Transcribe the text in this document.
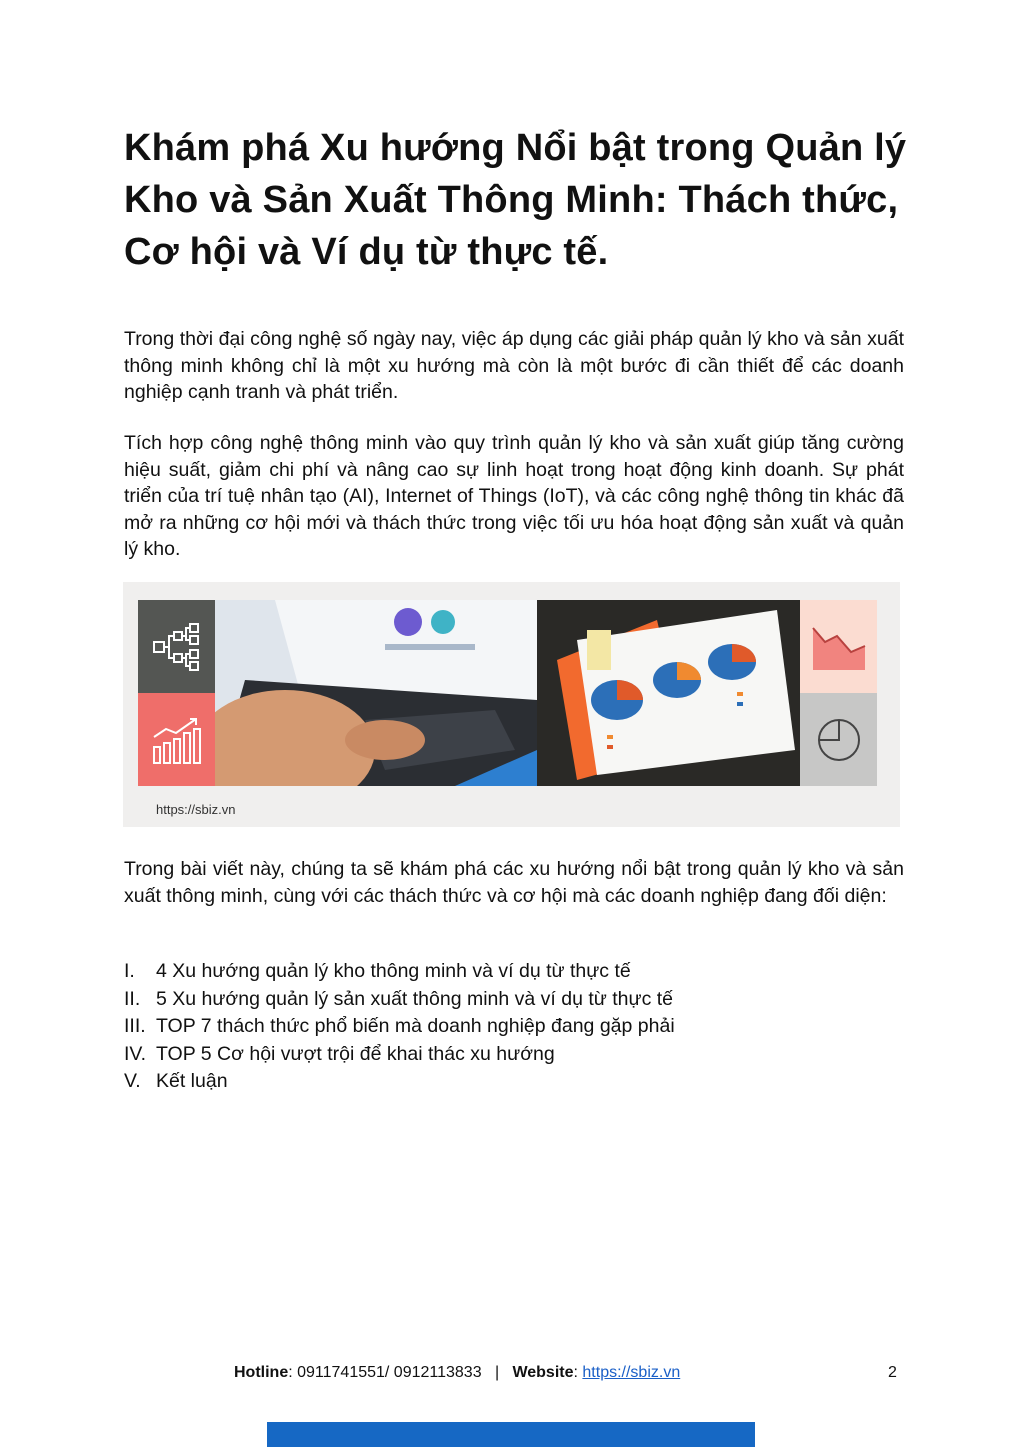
Khám phá Xu hướng Nổi bật trong Quản lý Kho và Sản Xuất Thông Minh: Thách thức, Cơ hội và Ví dụ từ thực tế.

Trong thời đại công nghệ số ngày nay, việc áp dụng các giải pháp quản lý kho và sản xuất thông minh không chỉ là một xu hướng mà còn là một bước đi cần thiết để các doanh nghiệp cạnh tranh và phát triển.

Tích hợp công nghệ thông minh vào quy trình quản lý kho và sản xuất giúp tăng cường hiệu suất, giảm chi phí và nâng cao sự linh hoạt trong hoạt động kinh doanh. Sự phát triển của trí tuệ nhân tạo (AI), Internet of Things (IoT), và các công nghệ thông tin khác đã mở ra những cơ hội mới và thách thức trong việc tối ưu hóa hoạt động sản xuất và quản lý kho.

https://sbiz.vn

Trong bài viết này, chúng ta sẽ khám phá các xu hướng nổi bật trong quản lý kho và sản xuất thông minh, cùng với các thách thức và cơ hội mà các doanh nghiệp đang đối diện:

I.	4 Xu hướng quản lý kho thông minh và ví dụ từ thực tế
II. 5 Xu hướng quản lý sản xuất thông minh và ví dụ từ thực tế
III. TOP 7 thách thức phổ biến mà doanh nghiệp đang gặp phải
IV. TOP 5 Cơ hội vượt trội để khai thác xu hướng
V. Kết luận
Hotline: 0911741551/ 0912113833 | Website: https://sbiz.vn	2
